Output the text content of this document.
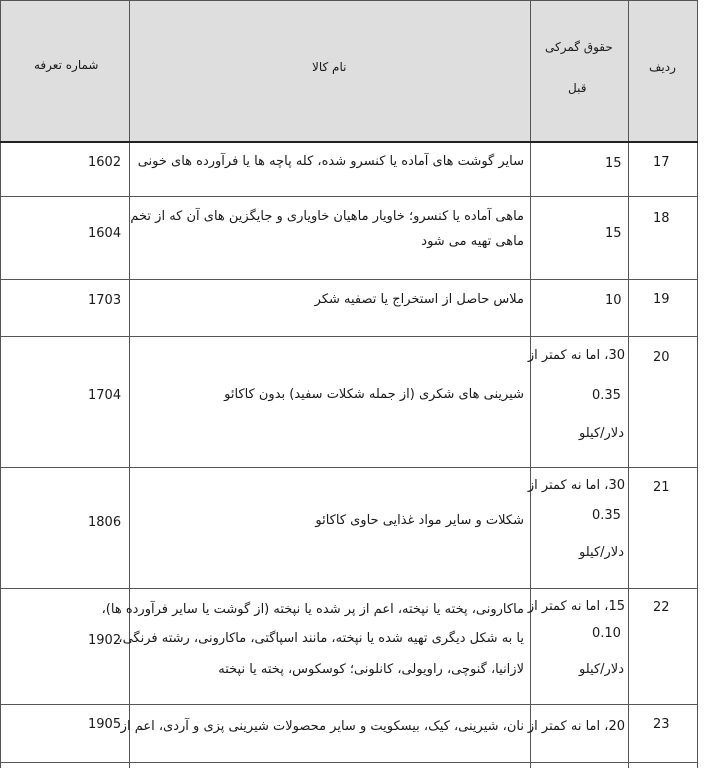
ردیف
حقوق گمرکی
قبل
نام کالا
شماره تعرفه
17
15
سایر گوشت های آماده یا کنسرو شده، کله پاچه ها یا فرآورده های خونی
1602
18
15
ماهی آماده یا کنسرو؛ خاویار ماهیان خاویاری و جایگزین های آن که از تخم
ماهی تهیه می شود
1604
19
10
ملاس حاصل از استخراج یا تصفیه شکر
1703
20
30، اما نه کمتر از
0.35
دلار/کیلو
شیرینی های شکری (از جمله شکلات سفید) بدون کاکائو
1704
21
30، اما نه کمتر از
0.35
دلار/کیلو
شکلات و سایر مواد غذایی حاوی کاکائو
1806
22
15، اما نه کمتر از
0.10
دلار/کیلو
ماکارونی، پخته یا نپخته، اعم از پر شده یا نپخته (از گوشت یا سایر فرآورده ها)،
یا به شکل دیگری تهیه شده یا نپخته، مانند اسپاگتی، ماکارونی، رشته فرنگی،
لازانیا، گنوچی، راویولی، کانلونی؛ کوسکوس، پخته یا نپخته
1902
23
20، اما نه کمتر از
نان، شیرینی، کیک، بیسکویت و سایر محصولات شیرینی پزی و آردی، اعم از
1905
